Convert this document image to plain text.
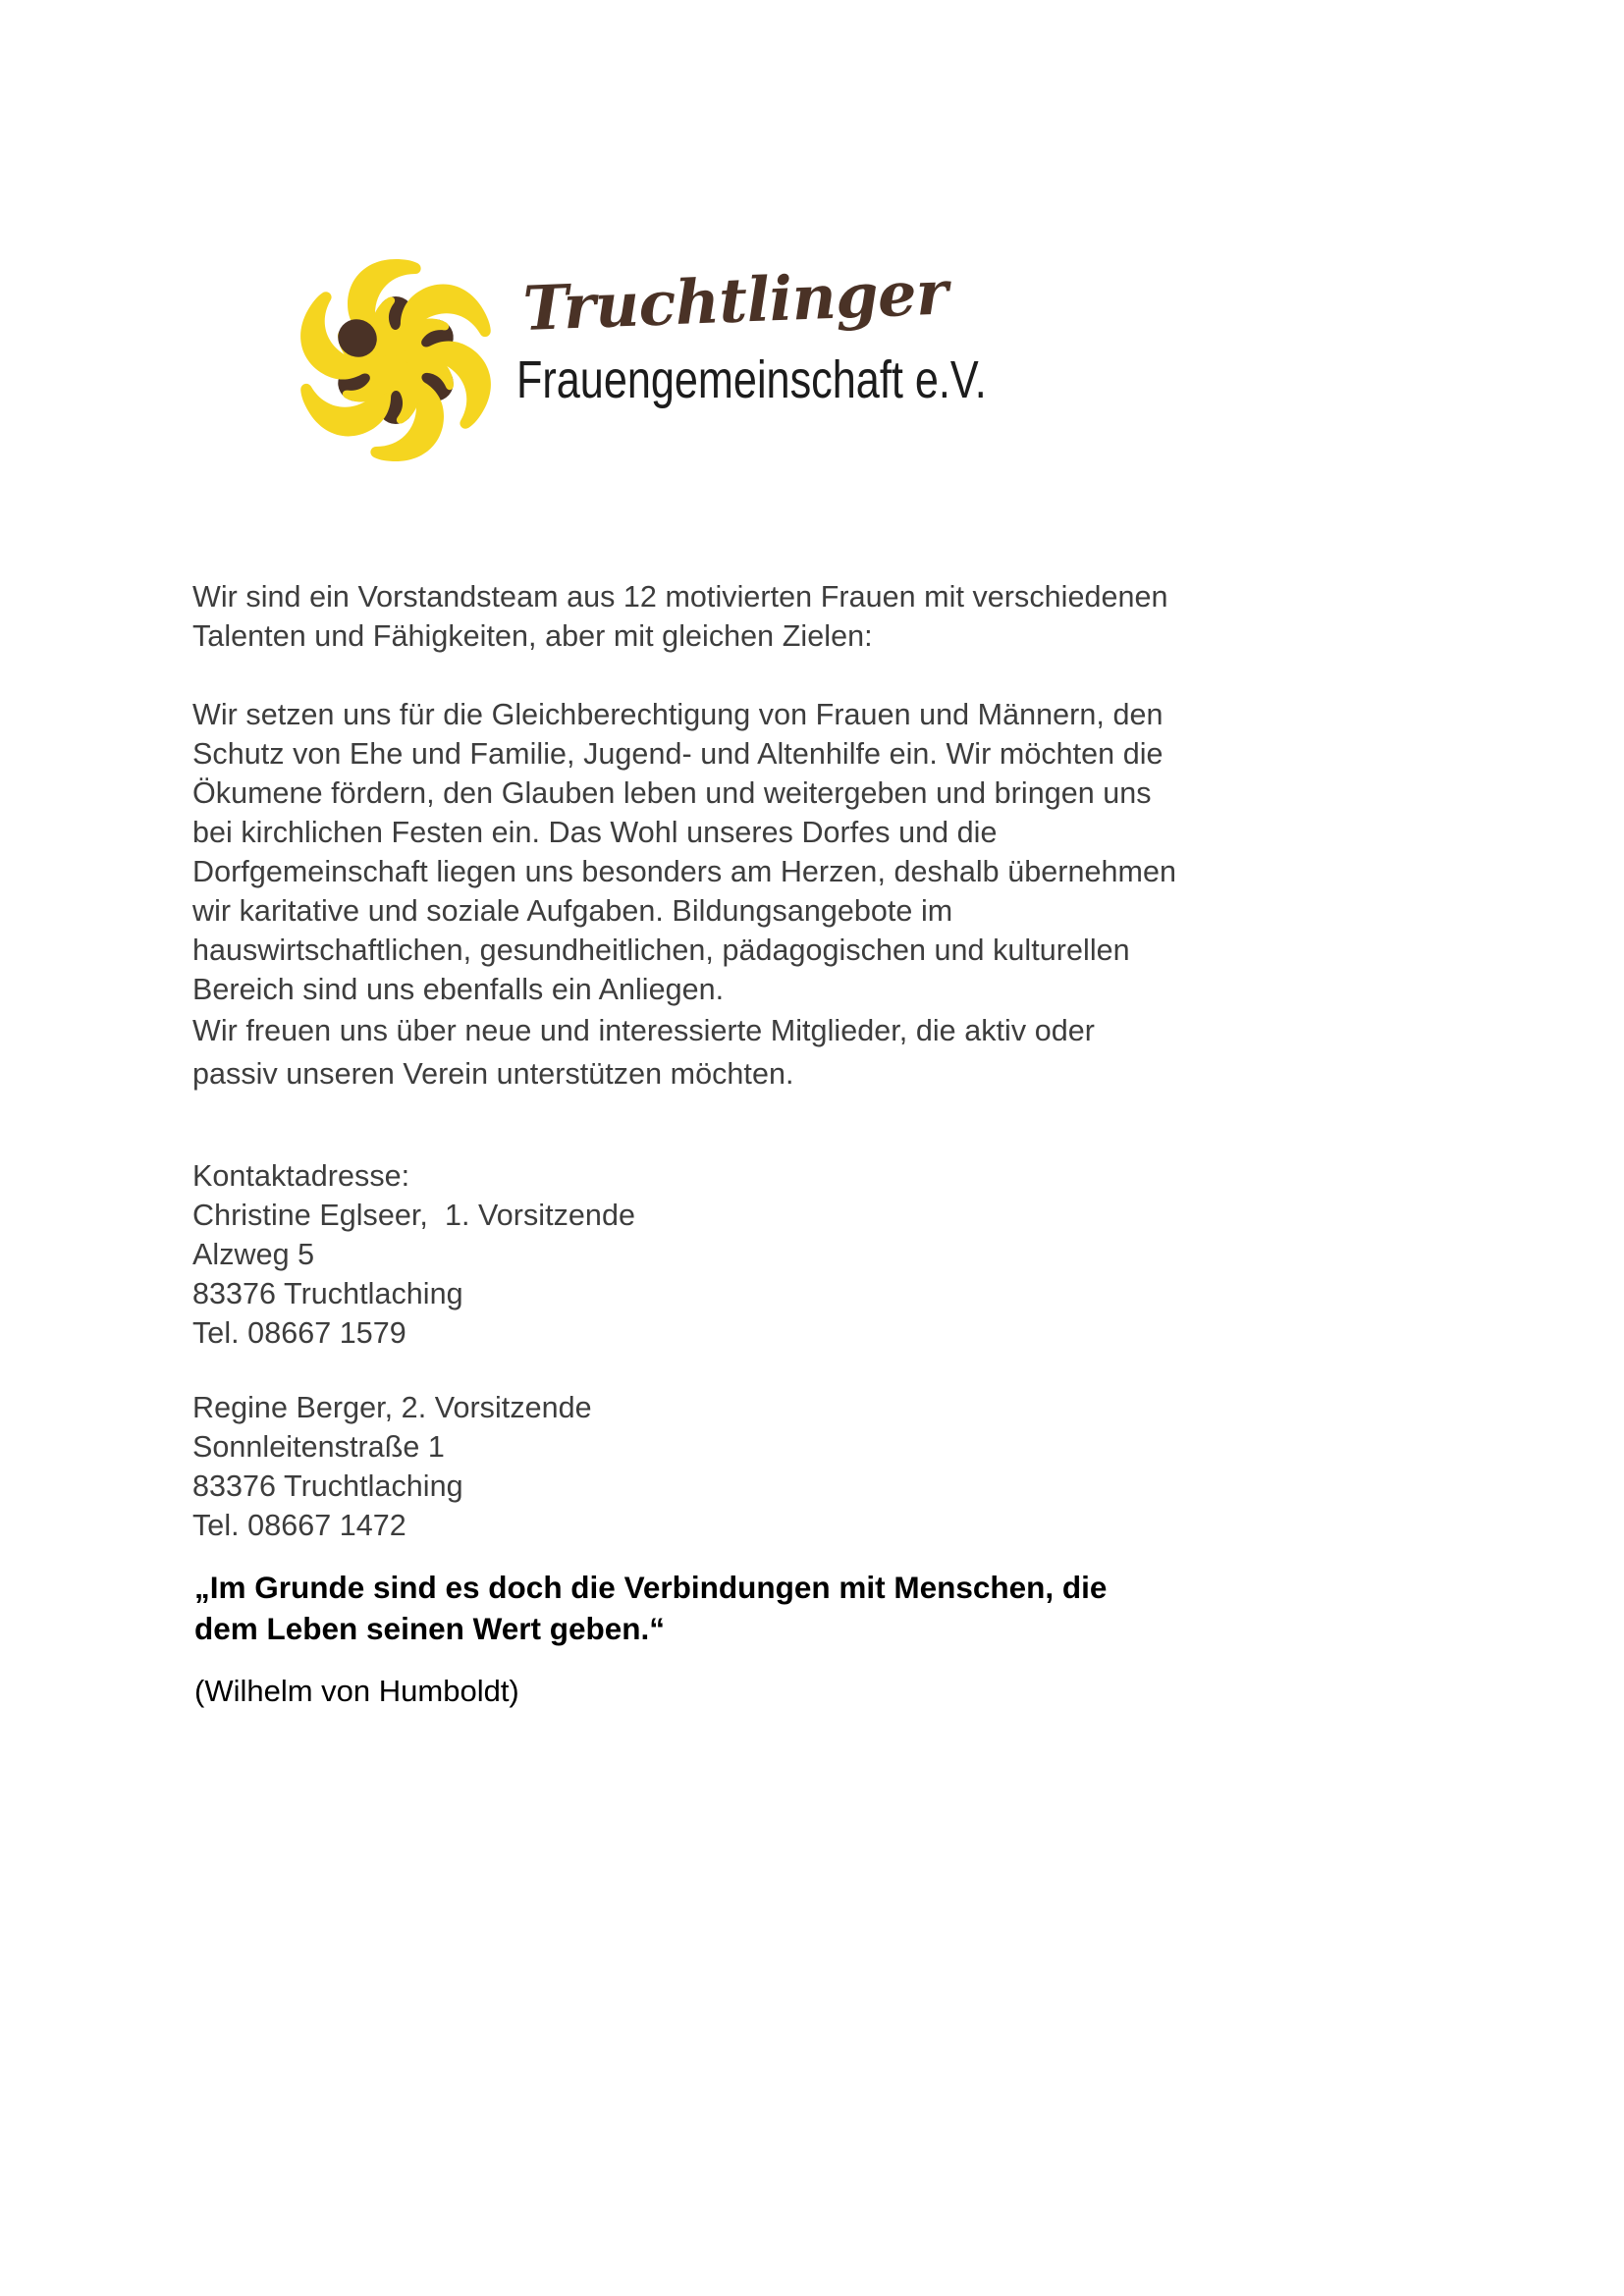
Truchtlinger
Frauengemeinschaft e.V.

Wir sind ein Vorstandsteam aus 12 motivierten Frauen mit verschiedenen
Talenten und Fähigkeiten, aber mit gleichen Zielen:

Wir setzen uns für die Gleichberechtigung von Frauen und Männern, den
Schutz von Ehe und Familie, Jugend- und Altenhilfe ein. Wir möchten die
Ökumene fördern, den Glauben leben und weitergeben und bringen uns
bei kirchlichen Festen ein. Das Wohl unseres Dorfes und die
Dorfgemeinschaft liegen uns besonders am Herzen, deshalb übernehmen
wir karitative und soziale Aufgaben. Bildungsangebote im
hauswirtschaftlichen, gesundheitlichen, pädagogischen und kulturellen
Bereich sind uns ebenfalls ein Anliegen.

Wir freuen uns über neue und interessierte Mitglieder, die aktiv oder
passiv unseren Verein unterstützen möchten.

Kontaktadresse:
Christine Eglseer,  1. Vorsitzende
Alzweg 5
83376 Truchtlaching
Tel. 08667 1579

Regine Berger, 2. Vorsitzende
Sonnleitenstraße 1
83376 Truchtlaching
Tel. 08667 1472

„Im Grunde sind es doch die Verbindungen mit Menschen, die
dem Leben seinen Wert geben.“

(Wilhelm von Humboldt)
